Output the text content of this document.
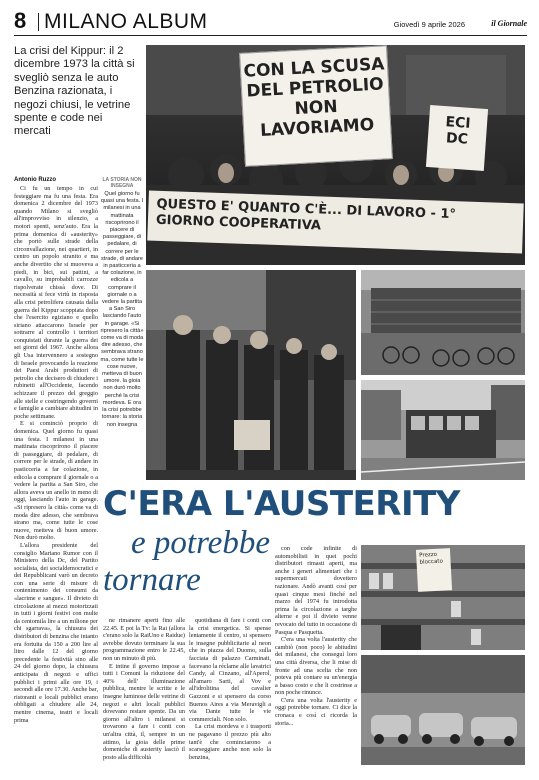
8 MILANO ALBUM	Giovedì 9 aprile 2026	il Giornale
La crisi del Kippur: il 2 dicembre 1973 la città si svegliò senza le auto Benzina razionata, i negozi chiusi, le vetrine spente e code nei mercati
Antonio Ruzzo

Ci fu un tempo in cui festeggiare ma fu una festa. Era domenica 2 dicembre del 1973 quando Milano si svegliò all'improvviso in silenzio, a motori spenti, senz'auto. Era la prima domenica di «austerity» che portò sulle strade della circonvallazione, nei quartieri, in centro un popolo stranito e ma anche divertito che si muoveva a piedi, in bici, sui pattini, a cavallo, su improbabili carrozze rispolverate chissà dove. Di necessità si fece virtù in risposta alla crisi petrolifera causata dalla guerra del Kippur scoppiata dopo che l'esercito egiziano e quello siriano attaccarono Israele per sottrarre al controllo i territori conquistati durante la guerra dei sei giorni del 1967. Anche allora gli Usa intervennero a sostegno di Israele provocando la reazione dei Paesi Arabi produttori di petrolio che decisero di chiudere i rubinetti all'Occidente, facendo schizzare il prezzo del greggio alle stelle e costringendo governi e famiglie a cambiare abitudini in poche settimane.

E si cominciò proprio di domenica. Quel giorno fu quasi una festa. I milanesi in una mattinata riscoprirono il piacere di passeggiare, di pedalare, di correre per le strade, di andare in pasticceria a far colazione, in edicola a comprare il giornale o a vedere la partita a San Siro, che allora aveva un anello in meno di oggi, lasciando l'auto in garage. «Si ripreserο la città» come va di moda dire adesso, che sembrava strano ma, come tutte le cose nuove, metteva di buon umore. Non durò molto.

L'allora presidente del consiglio Mariano Rumor con il Ministero della Dc, del Partito socialista, dei socialdemocratici e dei Repubblicani varò un decreto con una serie di misure di contenimento dei consumi da «lacrime e sangue». Il divieto di circolazione ai mezzi motorizzati in tutti i giorni festivi con multe da centomila lire a un milione per chi sgarrava», la chiusura dei distributori di benzina che intanto era fortuita da 150 a 200 lire al litro dalle 12 del giorno precedente la festività sino alle 24 del giorno dopo, la chiusura anticipata di negozi e uffici pubblici i primi alle ore 19, i secondi alle ore 17.30. Anche bar, ristoranti e locali pubblici erano obbligati a chiudere alle 24, mentre cinema, teatri e locali prima

LA STORIA NON INSEGNA
Quel giorno fu quasi una festa. I milanesi in una mattinata riscoprirono il piacere di passeggiare, di pedalare, di correre per le strade, di andare in pasticceria a far colazione, in edicola a comprare il giornale o a vedere la partita a San Siro lasciando l'auto in garage. «Si ripreserο la città» come va di moda dire adesso, che sembrava strano ma, come tutte le cose nuove, metteva di buon umore. la gioia non durò molto perché la crisi mordeva. E ora la crisi potrebbe tornare: la storia non insegna
CON LA SCUSA
DEL PETROLIO
NON
LAVORIAMO	ECI
DC
QUESTO E' QUANTO C'È... DI LAVORO - 1° GIORNO COOPERATIVA
C'ERA L'AUSTERITY
e potrebbe
tornare
Prezzo bloccato

ne rimanere aperti fino alle 22.45. E poi la Tv: la Rai (allora c'erano solo la RaiUno e Raidue) avrebbe dovuto terminare la sua programmazione entro le 22.45, non un minuto di più.

E intine il governo impose a tutti i Comuni la riduzione del 40% dell' illuminazione pubblica, mentre le scritte e le insegne luminose delle vetrine di negozi e altri locali pubblici dovevano restare spente. Da un giorno all'altro i milanesi si trovarono a fare i conti con un'altra città, il, sempre in un attimo, la gioia delle prime domeniche di austerity lasciò il posto alla difficoltà

quotidiana di fare i conti con la crisi energetica. Si spense lentamente il centro, si spensero le insegne pubblicitarie al neon che in piazza del Duomo, sulla facciata di palazzo Carminati, facevano la réclame alle lavatrici Candy, al Cinzano, all'Aperol, all'amaro Sarti, al Vov e all'idrolitina del cavalier Gazzoni e si spensero da corso Buenos Aires a via Meravigli a via Dante tutte le vie commerciali. Non solo.

La crisi mordeva e i trasporti ne pagavano il prezzo più alto tant'è che cominciarono a scarseggiare anche non solo la benzina,

con code infinite di automobilisti in quei pochi distributori rimasti aperti, ma anche i generi alimentari che i supermercati dovettero razionare. Andò avanti così per quasi cinque mesi finché nel marzo del 1974 fu introdotta prima la circolazione a targhe alterne e poi il divieto venne revocato del tutto in occasione di Pasqua e Pasquetta.

C'era una volta l'austerity che cambiò (non poco) le abitudini dei milanesi, che conseguì loro una città diversa, che li mise di fronte ad una scelta che non poteva più contare su un'energia a basso costo e che li costrinse a non poche rinunce.

C'era una volta l'austerity e oggi potrebbe tornare. Ci dice la cronaca e così ci ricorda la storia...
